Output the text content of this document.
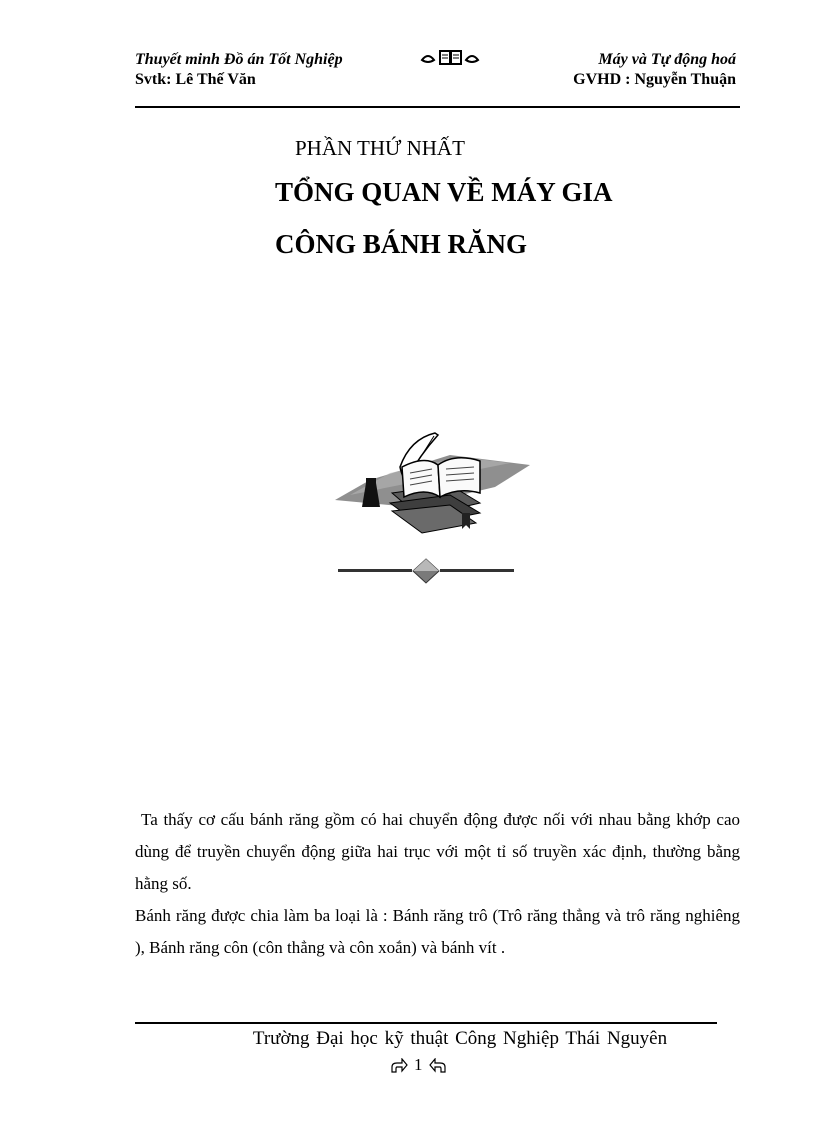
Thuyết minh Đồ án Tốt Nghiệp
Svtk: Lê Thế Văn
Máy và Tự động hoá
GVHD : Nguyễn Thuận
PHẦN THỨ NHẤT
TỔNG QUAN VỀ MÁY GIA
CÔNG BÁNH RĂNG

Ta thấy cơ cấu bánh răng gồm có hai chuyển động được nối với nhau bằng khớp cao dùng để truyền chuyển động giữa hai trục với một tỉ số truyền xác định, thường bằng hằng số.

Bánh răng được chia làm ba loại là : Bánh răng trô (Trô răng thẳng và trô răng nghiêng ), Bánh răng côn (côn thẳng và côn xoắn) và bánh vít .

Trường Đại học kỹ thuật Công Nghiệp Thái Nguyên
1
